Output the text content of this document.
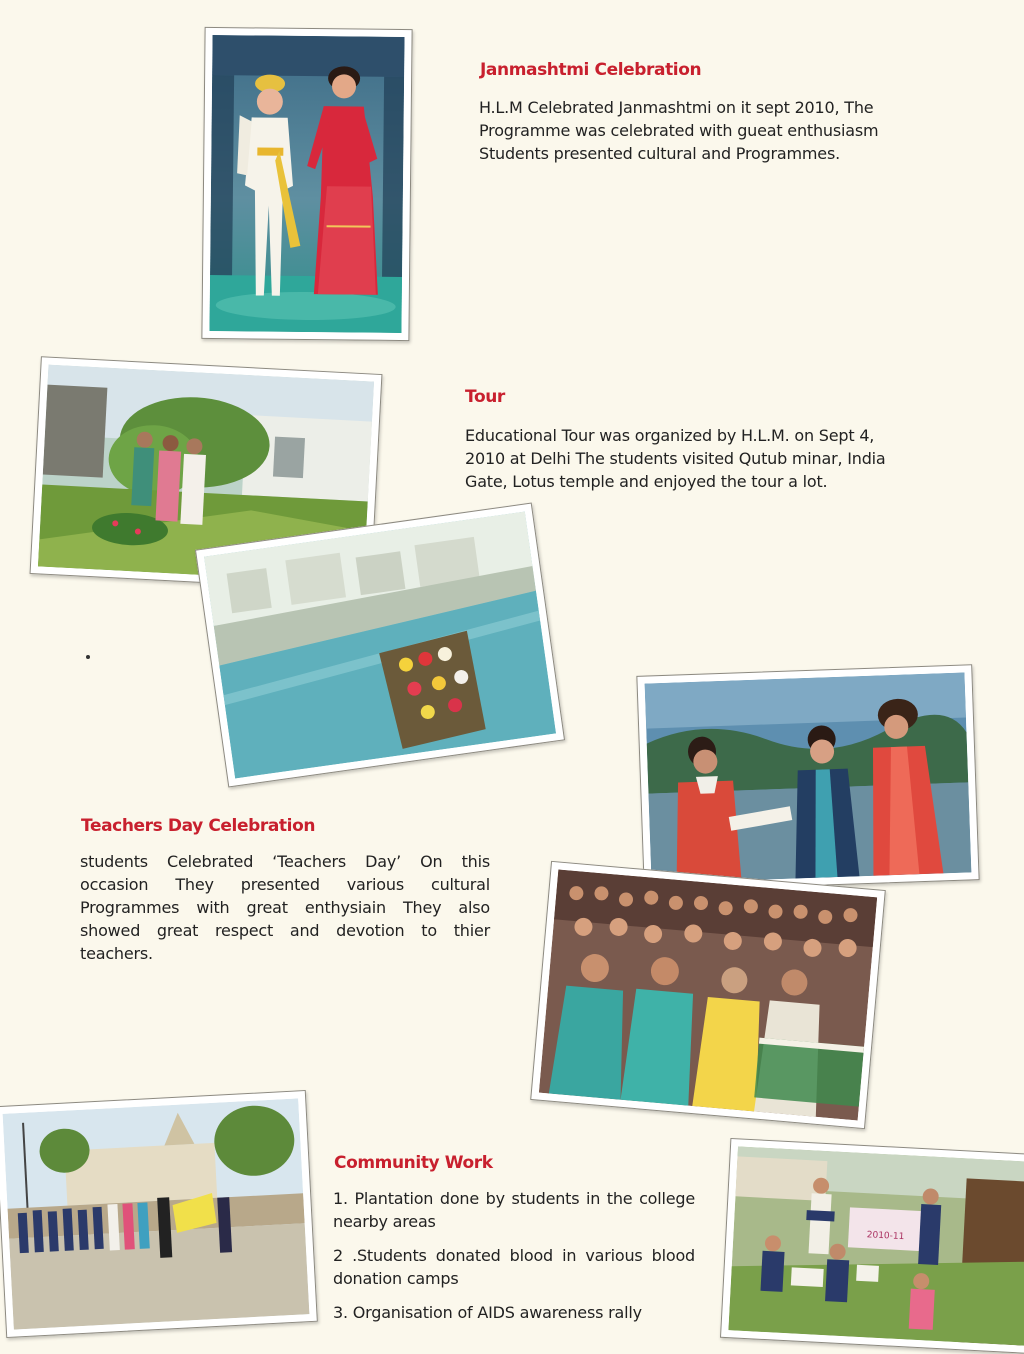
Janmashtmi Celebration
H.L.M Celebrated Janmashtmi on it sept 2010, The
Programme was celebrated with gueat enthusiasm
Students presented cultural and Programmes.
Tour
Educational Tour was organized by H.L.M. on Sept 4,
2010 at Delhi The students visited Qutub minar, India
Gate, Lotus temple and enjoyed the tour a lot.
Teachers Day Celebration

students Celebrated ‘Teachers Day’ On this occasion They presented various cultural Programmes with great enthysiain They also showed great respect and devotion to thier teachers.

Community Work

1. Plantation done by students in the college nearby areas

2 .Students donated blood in various blood donation camps

3. Organisation of AIDS awareness rally

2010-11
